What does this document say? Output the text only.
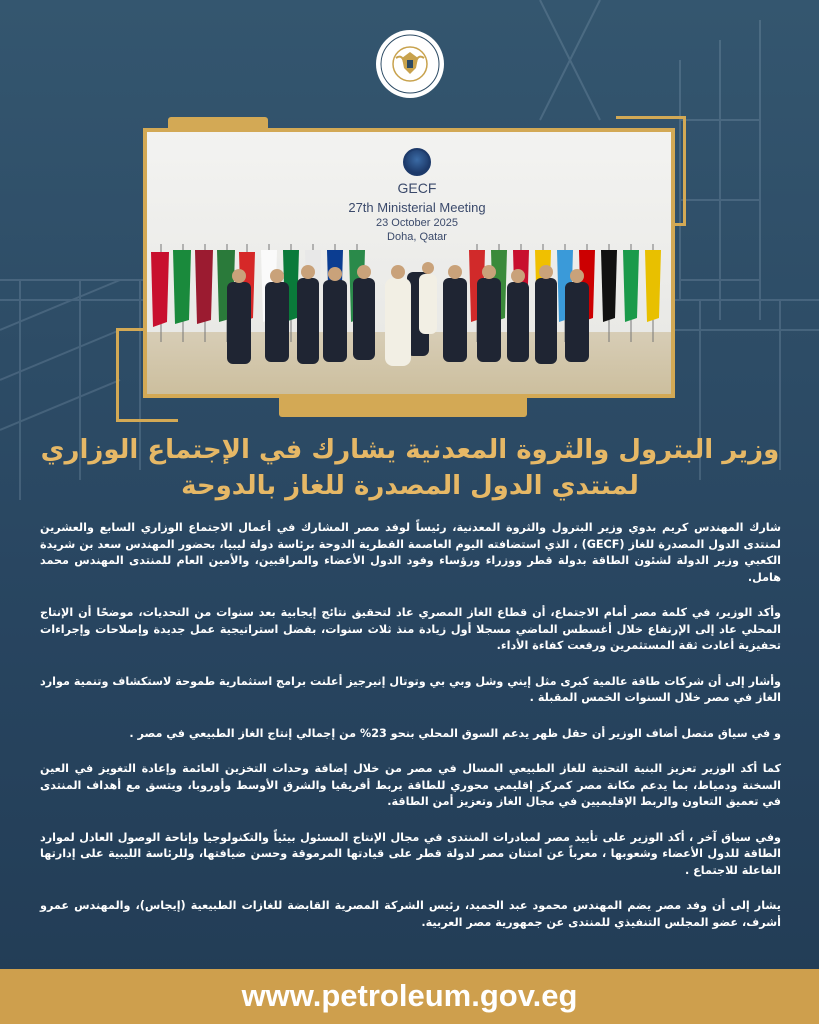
GECF
27th Ministerial Meeting
23 October 2025
Doha, Qatar
وزير البترول والثروة المعدنية يشارك في الإجتماع الوزاري
لمنتدي الدول المصدرة للغاز بالدوحة

شارك المهندس كريم بدوي وزير البترول والثروة المعدنية، رئيساً لوفد مصر المشارك في أعمال الاجتماع الوزاري السابع والعشرين لمنتدى الدول المصدرة للغاز (GECF) ، الذي استضافته اليوم العاصمة القطرية الدوحة برئاسة دولة ليبيا، بحضور المهندس سعد بن شريدة الكعبي وزير الدولة لشئون الطاقة بدولة قطر ووزراء ورؤساء وفود الدول الأعضاء والمراقبين، والأمين العام للمنتدى المهندس محمد هامل.

وأكد الوزير، في كلمة مصر أمام الاجتماع، أن قطاع الغاز المصري عاد لتحقيق نتائج إيجابية بعد سنوات من التحديات، موضحًا أن الإنتاج المحلي عاد إلى الإرتفاع خلال أغسطس الماضي مسجلا أول زيادة منذ ثلاث سنوات، بفضل استراتيجية عمل جديدة وإصلاحات وإجراءات تحفيزية أعادت ثقة المستثمرين ورفعت كفاءة الأداء.

وأشار إلى أن شركات طاقة عالمية كبرى مثل إيني وشل وبي بي وتوتال إنيرجيز أعلنت برامج استثمارية طموحة لاستكشاف وتنمية موارد الغاز في مصر خلال السنوات الخمس المقبلة .

و في سياق متصل أضاف الوزير أن حقل ظهر يدعم السوق المحلي بنحو 23% من إجمالي إنتاج الغاز الطبيعي في مصر .

كما أكد الوزير تعزيز البنية التحتية للغاز الطبيعي المسال في مصر من خلال إضافة وحدات التخزين العائمة وإعادة التغويز في العين السخنة ودمياط، بما يدعم مكانة مصر كمركز إقليمي محوري للطاقة يربط أفريقيا والشرق الأوسط وأوروبا، ويتسق مع أهداف المنتدى في تعميق التعاون والربط الإقليميين في مجال الغاز وتعزيز أمن الطاقة.

وفي سياق آخر ، أكد الوزير على تأييد مصر لمبادرات المنتدى في مجال الإنتاج المسئول بيئياً والتكنولوجيا وإتاحة الوصول العادل لموارد الطاقة للدول الأعضاء وشعوبها ، معرباً عن امتنان مصر لدولة قطر على قيادتها المرموقة وحسن ضيافتها، وللرئاسة الليبية على إدارتها الفاعلة للاجتماع .

يشار إلى أن وفد مصر يضم المهندس محمود عبد الحميد، رئيس الشركة المصرية القابضة للغازات الطبيعية (إيجاس)، والمهندس عمرو أشرف، عضو المجلس التنفيذي للمنتدى عن جمهورية مصر العربية.

www.petroleum.gov.eg
